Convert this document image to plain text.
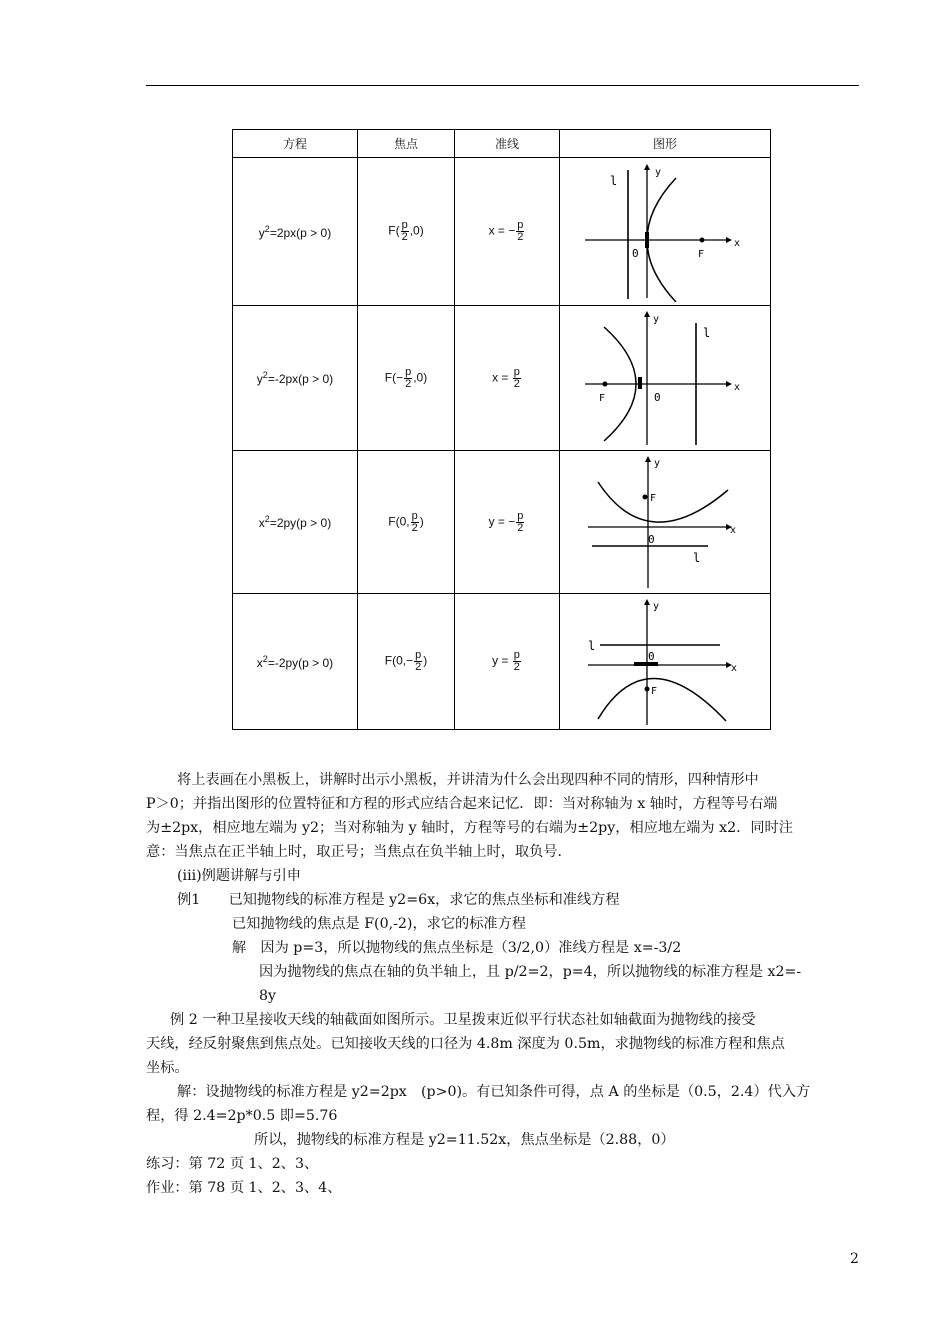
方程	焦点	准线	图形
$y^2=2px(p > 0)$	$F( \frac{p}{2} ,0)$	x = − $\frac{p}{2}$	l
y
0 F
x

$y^2=-2px(p > 0)$	$F(- \frac{p}{2} ,0)$	$x = \frac{p}{2}$	l
y
0
F
x

$x^2=2py(p > 0)$	F(0, $\frac{p}{2}$ )	y = − $\frac{p}{2}$	y
F
0
l
x

$x^2=-2py(p > 0)$	$F(0,- \frac{p}{2}$ )	$y = \frac{p}{2}$	y
l
0
F
x

将上表画在小黑板上，讲解时出示小黑板，并讲清为什么会出现四种不同的情形，四种情形中

P＞0；并指出图形的位置特征和方程的形式应结合起来记忆．即：当对称轴为 x 轴时，方程等号右端

为±2px，相应地左端为 y2；当对称轴为 y 轴时，方程等号的右端为±2py，相应地左端为 x2．同时注

意：当焦点在正半轴上时，取正号；当焦点在负半轴上时，取负号．

(iii)例题讲解与引申

例1　　已知抛物线的标准方程是 y2=6x，求它的焦点坐标和准线方程

已知抛物线的焦点是 F(0,-2)，求它的标准方程

解　因为 p=3，所以抛物线的焦点坐标是（3/2,0）准线方程是 x=-3/2

因为抛物线的焦点在轴的负半轴上，且 p/2=2，p=4，所以抛物线的标准方程是 x2=-

8y

例 2 一种卫星接收天线的轴截面如图所示。卫星拨束近似平行状态社如轴截面为抛物线的接受

天线，经反射聚焦到焦点处。已知接收天线的口径为 4.8m 深度为 0.5m，求抛物线的标准方程和焦点

坐标。

解：设抛物线的标准方程是 y2=2px　(p>0)。有已知条件可得，点 A 的坐标是（0.5，2.4）代入方

程，得 2.4=2p*0.5 即=5.76

所以，抛物线的标准方程是 y2=11.52x，焦点坐标是（2.88，0）

练习：第 72 页 1、2、3、

作业：第 78 页 1、2、3、4、

2
